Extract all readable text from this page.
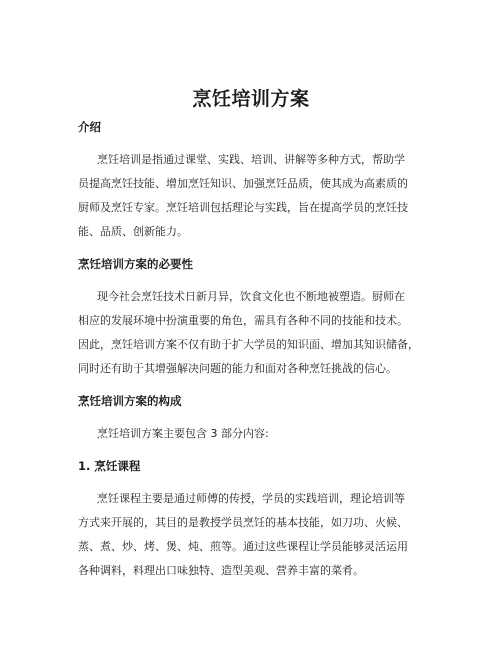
烹饪培训方案
介绍
烹饪培训是指通过课堂、实践、培训、讲解等多种方式，帮助学
员提高烹饪技能、增加烹饪知识、加强烹饪品质，使其成为高素质的
厨师及烹饪专家。烹饪培训包括理论与实践，旨在提高学员的烹饪技
能、品质、创新能力。
烹饪培训方案的必要性
现今社会烹饪技术日新月异，饮食文化也不断地被塑造。厨师在
相应的发展环境中扮演重要的角色，需具有各种不同的技能和技术。
因此，烹饪培训方案不仅有助于扩大学员的知识面、增加其知识储备，
同时还有助于其增强解决问题的能力和面对各种烹饪挑战的信心。
烹饪培训方案的构成
烹饪培训方案主要包含 3 部分内容:
1. 烹饪课程
烹饪课程主要是通过师傅的传授，学员的实践培训，理论培训等
方式来开展的，其目的是教授学员烹饪的基本技能，如刀功、火候、
蒸、煮、炒、烤、煲、炖、煎等。通过这些课程让学员能够灵活运用
各种调料，料理出口味独特、造型美观、营养丰富的菜肴。
